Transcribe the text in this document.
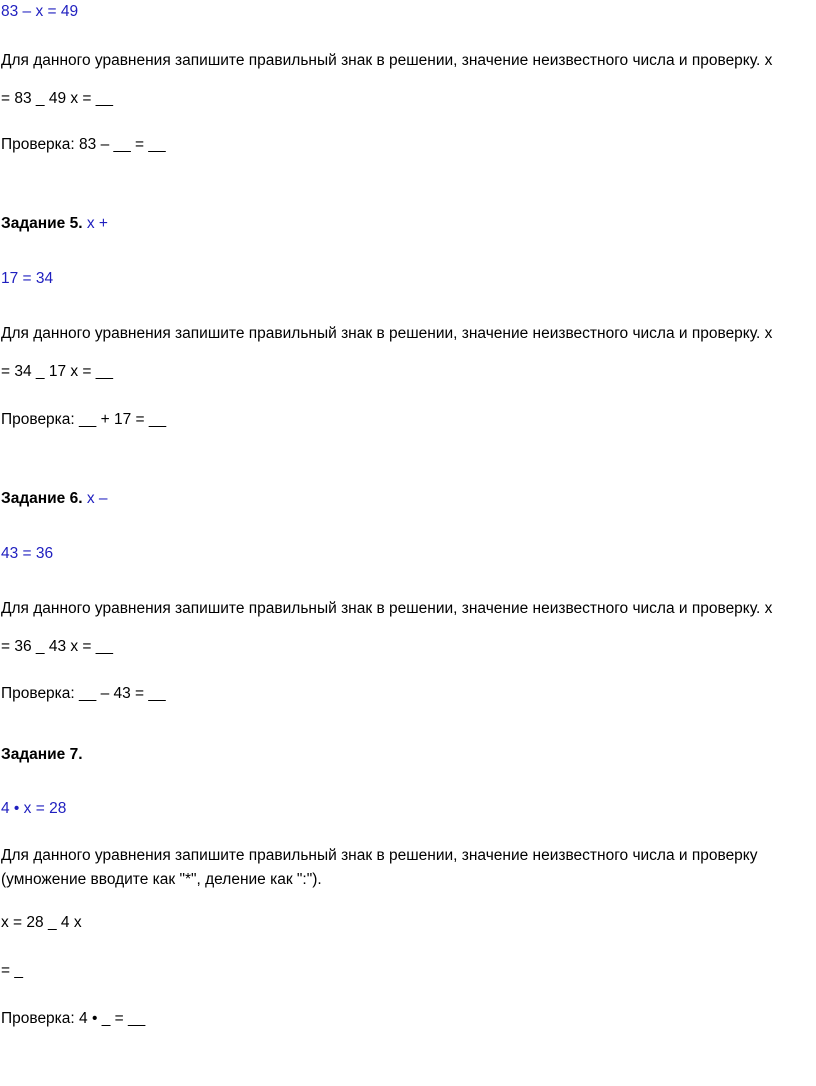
83 – x = 49
Для данного уравнения запишите правильный знак в решении, значение неизвестного числа и проверку. x
= 83 _ 49 x = __
Проверка: 83 – __ = __
Задание 5. x +
17 = 34
Для данного уравнения запишите правильный знак в решении, значение неизвестного числа и проверку. x
= 34 _ 17 x = __
Проверка: __ + 17 = __
Задание 6. x –
43 = 36
Для данного уравнения запишите правильный знак в решении, значение неизвестного числа и проверку. x
= 36 _ 43 x = __
Проверка: __ – 43 = __
Задание 7.
4 • x = 28
Для данного уравнения запишите правильный знак в решении, значение неизвестного числа и проверку
(умножение вводите как "*", деление как ":").
x = 28 _ 4 x
= _
Проверка: 4 • _ = __
